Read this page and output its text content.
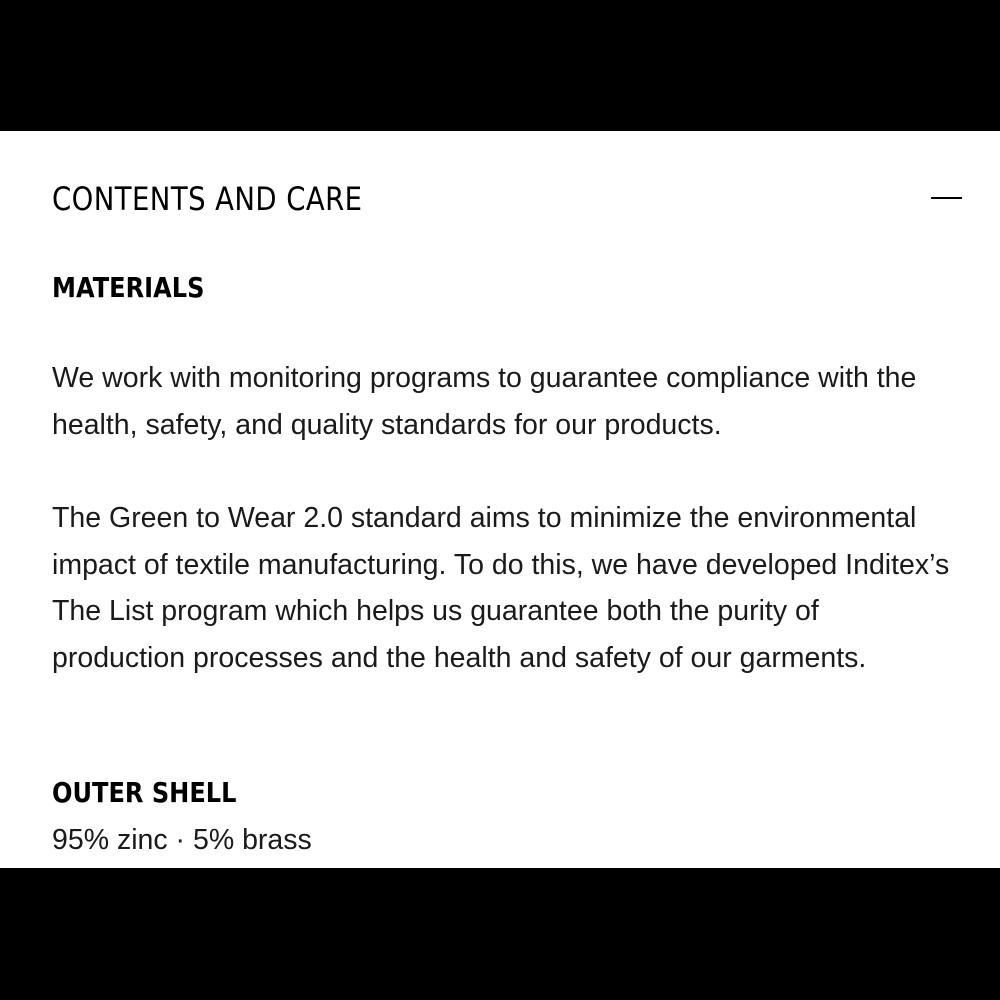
CONTENTS AND CARE
MATERIALS

We work with monitoring programs to guarantee compliance with the health, safety, and quality standards for our products.

The Green to Wear 2.0 standard aims to minimize the environmental impact of textile manufacturing. To do this, we have developed Inditex’s The List program which helps us guarantee both the purity of production processes and the health and safety of our garments.

OUTER SHELL
95% zinc · 5% brass
